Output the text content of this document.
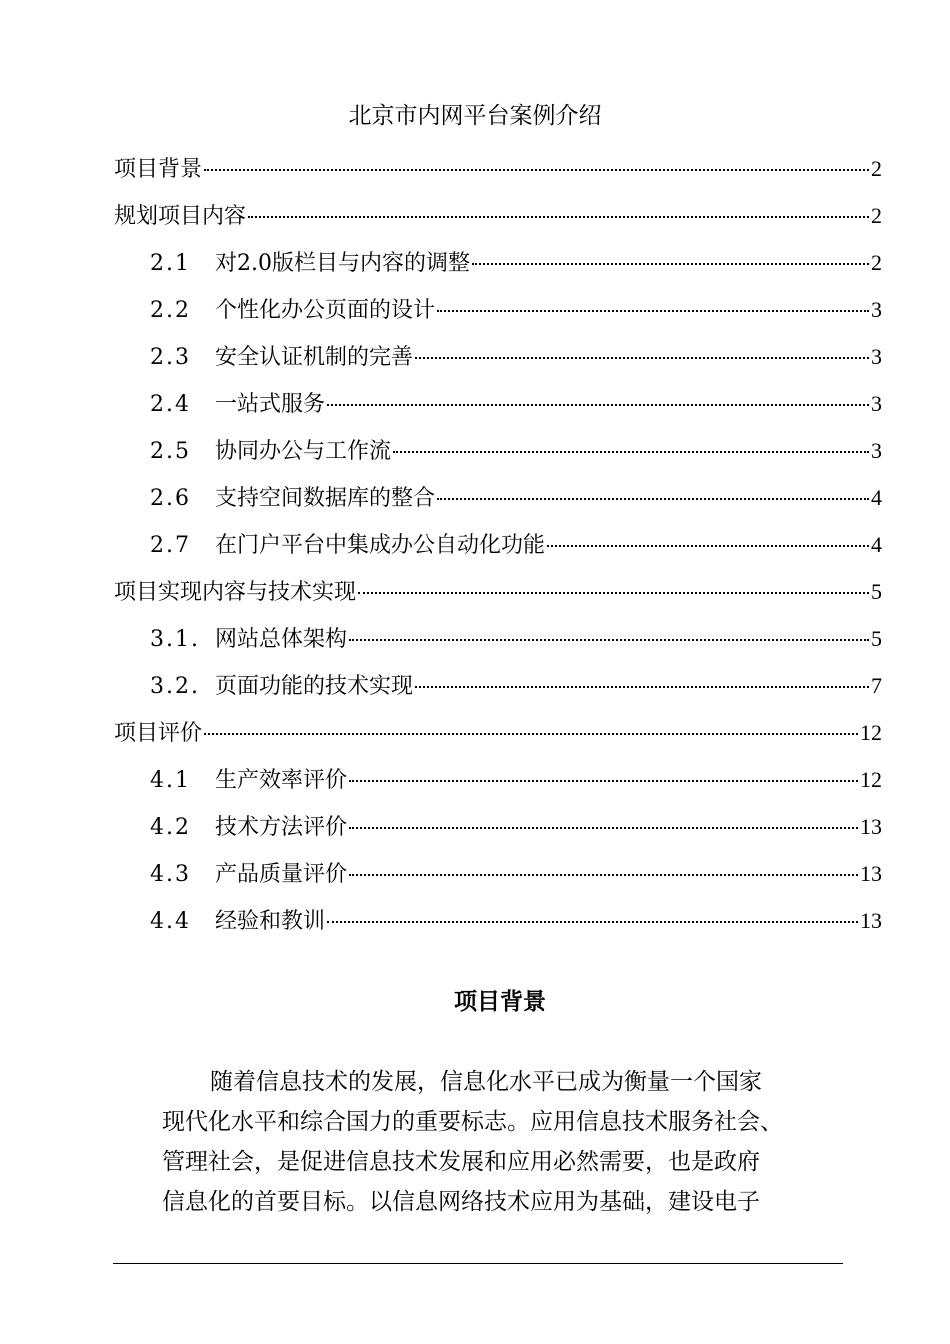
北京市内网平台案例介绍
项目背景	2
规划项目内容	2
2.1	对2.0版栏目与内容的调整	2
2.2	个性化办公页面的设计	3
2.3	安全认证机制的完善	3
2.4	一站式服务	3
2.5	协同办公与工作流	3
2.6	支持空间数据库的整合	4
2.7	在门户平台中集成办公自动化功能	4
项目实现内容与技术实现	5
3.1. 网站总体架构	5
3.2. 页面功能的技术实现	7
项目评价	12
4.1	生产效率评价	12
4.2	技术方法评价	13
4.3	产品质量评价	13
4.4	经验和教训	13
项目背景
随着信息技术的发展，信息化水平已成为衡量一个国家
现代化水平和综合国力的重要标志。应用信息技术服务社会、
管理社会，是促进信息技术发展和应用必然需要，也是政府
信息化的首要目标。以信息网络技术应用为基础，建设电子
